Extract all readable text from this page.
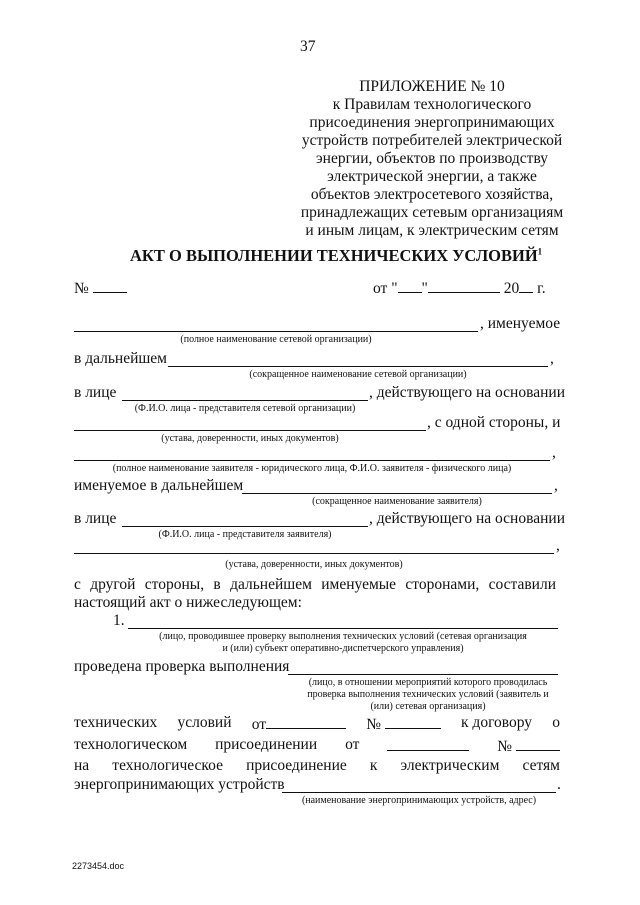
37
ПРИЛОЖЕНИЕ № 10
к Правилам технологического
присоединения энергопринимающих
устройств потребителей электрической
энергии, объектов по производству
электрической энергии, а также
объектов электросетевого хозяйства,
принадлежащих сетевым организациям
и иным лицам, к электрическим сетям
АКТ О ВЫПОЛНЕНИИ ТЕХНИЧЕСКИХ УСЛОВИЙ$^1$
№	от " "	20 г.
, именуемое
(полное наименование сетевой организации)
в дальнейшем	,
(сокращенное наименование сетевой организации)
в лице	, действующего на основании
(Ф.И.О. лица - представителя сетевой организации)
, с одной стороны, и
(устава, доверенности, иных документов)
,
(полное наименование заявителя - юридического лица, Ф.И.О. заявителя - физического лица)
именуемое в дальнейшем	,
(сокращенное наименование заявителя)
в лице	, действующего на основании
(Ф.И.О. лица - представителя заявителя)
,
(устава, доверенности, иных документов)
с другой стороны, в дальнейшем именуемые сторонами, составили
настоящий акт о нижеследующем:
1.
(лицо, проводившее проверку выполнения технических условий (сетевая организация
и (или) субъект оперативно-диспетчерского управления)
проведена проверка выполнения
(лицо, в отношении мероприятий которого проводилась
проверка выполнения технических условий (заявитель и
(или) сетевая организация)
технических условий от	№	к договору о
технологическом присоединении от	№
на технологическое присоединение к электрическим сетям
энергопринимающих устройств	.
(наименование энергопринимающих устройств, адрес)
2273454.doc
